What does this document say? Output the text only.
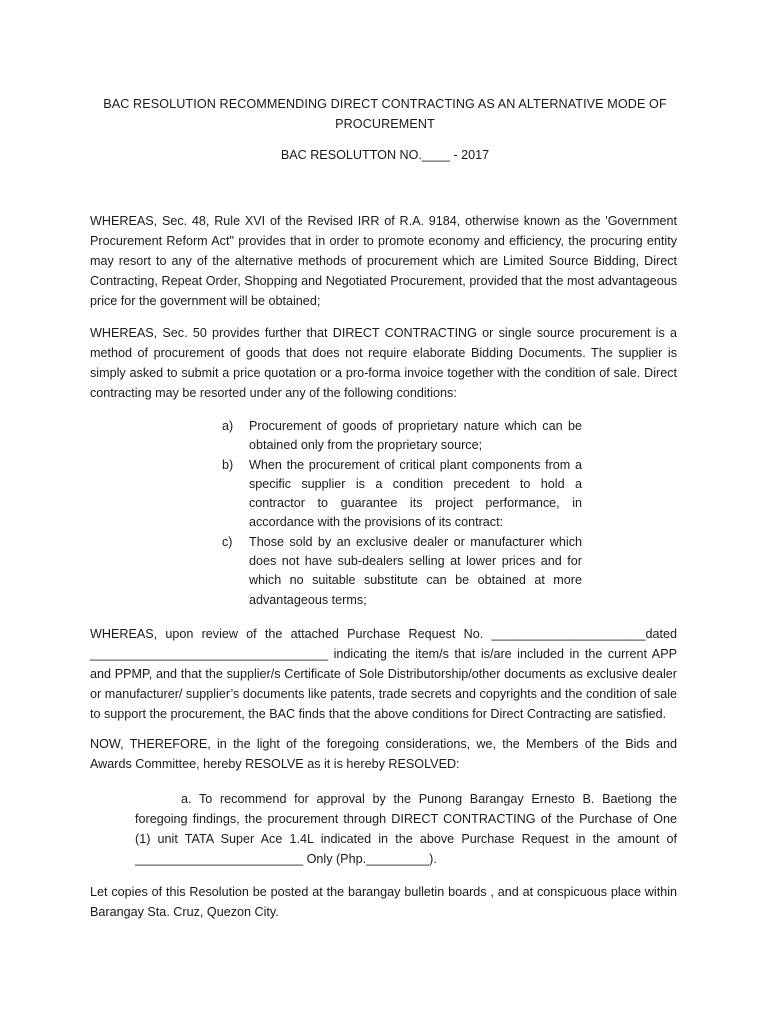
BAC RESOLUTION RECOMMENDING DIRECT CONTRACTING AS AN ALTERNATIVE MODE OF
PROCUREMENT
BAC RESOLUTTON NO.____ - 2017

WHEREAS, Sec. 48, Rule XVI of the Revised IRR of R.A. 9184, otherwise known as the 'Government Procurement Reform Act" provides that in order to promote economy and efficiency, the procuring entity may resort to any of the alternative methods of procurement which are Limited Source Bidding, Direct Contracting, Repeat Order, Shopping and Negotiated Procurement, provided that the most advantageous price for the government will be obtained;

WHEREAS, Sec. 50 provides further that DIRECT CONTRACTING or single source procurement is a method of procurement of goods that does not require elaborate Bidding Documents. The supplier is simply asked to submit a price quotation or a pro-forma invoice together with the condition of sale. Direct contracting may be resorted under any of the following conditions:

a) Procurement of goods of proprietary nature which can be obtained only from the proprietary source;
b) When the procurement of critical plant components from a specific supplier is a condition precedent to hold a contractor to guarantee its project performance, in accordance with the provisions of its contract:
c) Those sold by an exclusive dealer or manufacturer which does not have sub-dealers selling at lower prices and for which no suitable substitute can be obtained at more advantageous terms;

WHEREAS, upon review of the attached Purchase Request No. ______________________dated __________________________________ indicating the item/s that is/are included in the current APP and PPMP, and that the supplier/s Certificate of Sole Distributorship/other documents as exclusive dealer or manufacturer/ supplier’s documents like patents, trade secrets and copyrights and the condition of sale to support the procurement, the BAC finds that the above conditions for Direct Contracting are satisfied.

NOW, THEREFORE, in the light of the foregoing considerations, we, the Members of the Bids and Awards Committee, hereby RESOLVE as it is hereby RESOLVED:

a. To recommend for approval by the Punong Barangay Ernesto B. Baetiong the foregoing findings, the procurement through DIRECT CONTRACTING of the Purchase of One (1) unit TATA Super Ace 1.4L indicated in the above Purchase Request in the amount of ________________________ Only (Php._________).

Let copies of this Resolution be posted at the barangay bulletin boards , and at conspicuous place within Barangay Sta. Cruz, Quezon City.
